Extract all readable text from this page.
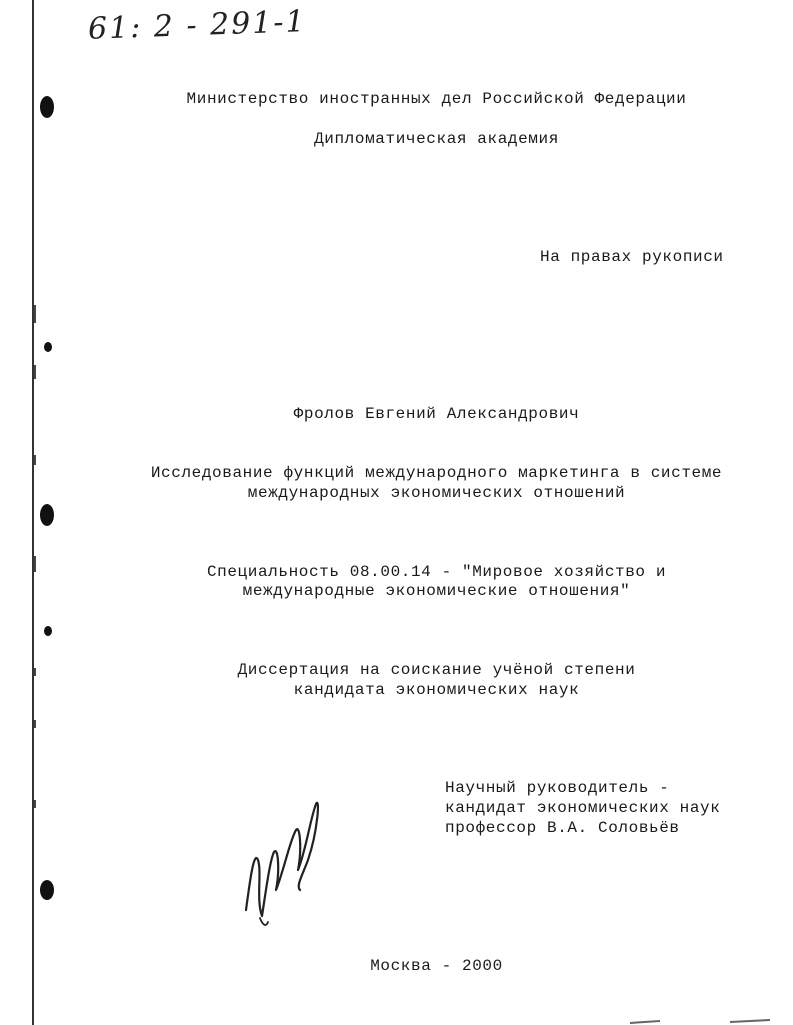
61: 2 - 291-1
Министерство иностранных дел Российской Федерации
Дипломатическая академия
На правах рукописи
Фролов Евгений Александрович
Исследование функций международного маркетинга в системе
международных экономических отношений
Специальность 08.00.14 - "Мировое хозяйство и
международные экономические отношения"
Диссертация на соискание учёной степени
кандидата экономических наук
Научный руководитель -
кандидат экономических наук
профессор В.А. Соловьёв
Москва - 2000
